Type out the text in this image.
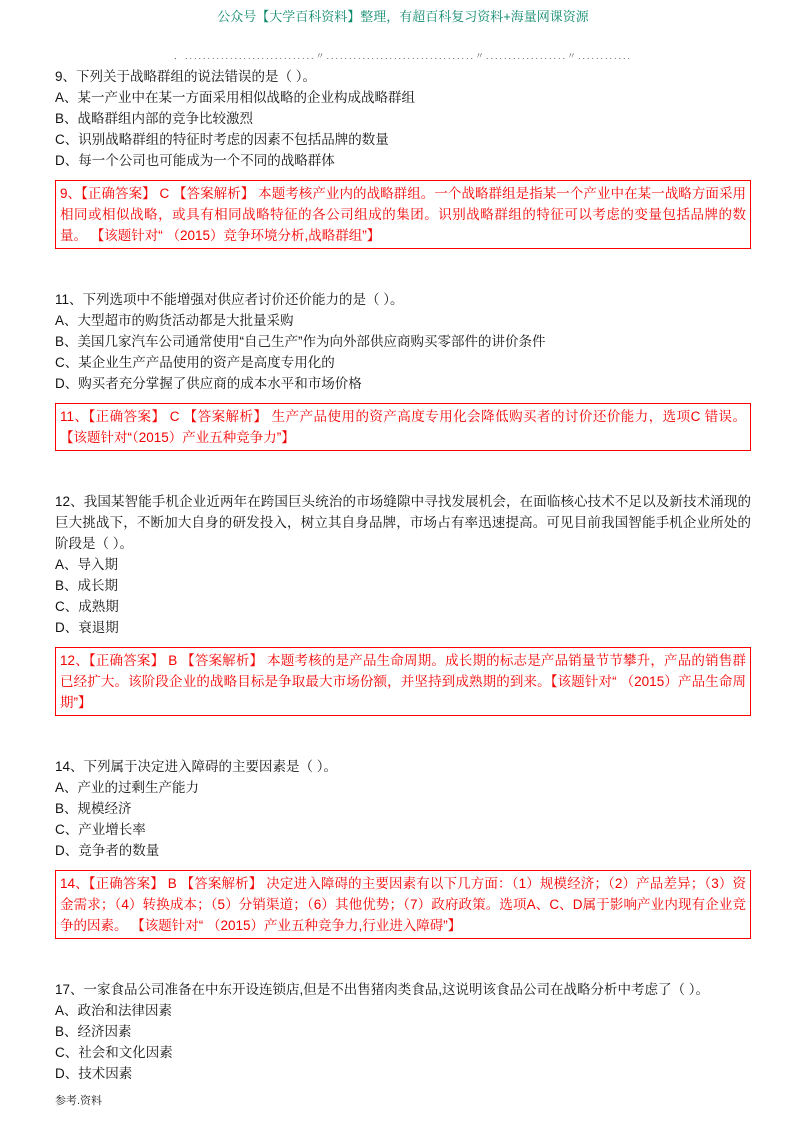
公众号【大学百科资料】整理，有超百科复习资料+海量网课资源
．.............................〃.................................〃..................〃............
9、下列关于战略群组的说法错误的是（ ）。
A、某一产业中在某一方面采用相似战略的企业构成战略群组
B、战略群组内部的竞争比较激烈
C、识别战略群组的特征时考虑的因素不包括品牌的数量
D、每一个公司也可能成为一个不同的战略群体
9、【正确答案】 C 【答案解析】 本题考核产业内的战略群组。一个战略群组是指某一个产业中在某一战略方面采用相同或相似战略，或具有相同战略特征的各公司组成的集团。识别战略群组的特征可以考虑的变量包括品牌的数量。 【该题针对“ （2015）竞争环境分析,战略群组”】
11、下列选项中不能增强对供应者讨价还价能力的是（ ）。
A、大型超市的购货活动都是大批量采购
B、美国几家汽车公司通常使用“自己生产”作为向外部供应商购买零部件的讲价条件
C、某企业生产产品使用的资产是高度专用化的
D、购买者充分掌握了供应商的成本水平和市场价格
11、【正确答案】 C 【答案解析】 生产产品使用的资产高度专用化会降低购买者的讨价还价能力，选项C 错误。 【该题针对“（2015）产业五种竞争力”】
12、我国某智能手机企业近两年在跨国巨头统治的市场缝隙中寻找发展机会，在面临核心技术不足以及新技术涌现的巨大挑战下，不断加大自身的研发投入，树立其自身品牌，市场占有率迅速提高。可见目前我国智能手机企业所处的阶段是（ ）。
A、导入期
B、成长期
C、成熟期
D、衰退期
12、【正确答案】 B 【答案解析】 本题考核的是产品生命周期。成长期的标志是产品销量节节攀升，产品的销售群已经扩大。该阶段企业的战略目标是争取最大市场份额，并坚持到成熟期的到来。【该题针对“ （2015）产品生命周期”】
14、下列属于决定进入障碍的主要因素是（ ）。
A、产业的过剩生产能力
B、规模经济
C、产业增长率
D、竞争者的数量
14、【正确答案】 B 【答案解析】 决定进入障碍的主要因素有以下几方面：（1）规模经济；（2）产品差异；（3）资金需求；（4）转换成本；（5）分销渠道；（6）其他优势；（7）政府政策。选项A、C、D属于影响产业内现有企业竞争的因素。 【该题针对“ （2015）产业五种竞争力,行业进入障碍”】
17、一家食品公司准备在中东开设连锁店,但是不出售猪肉类食品,这说明该食品公司在战略分析中考虑了（ ）。
A、政治和法律因素
B、经济因素
C、社会和文化因素
D、技术因素
参考.资料
